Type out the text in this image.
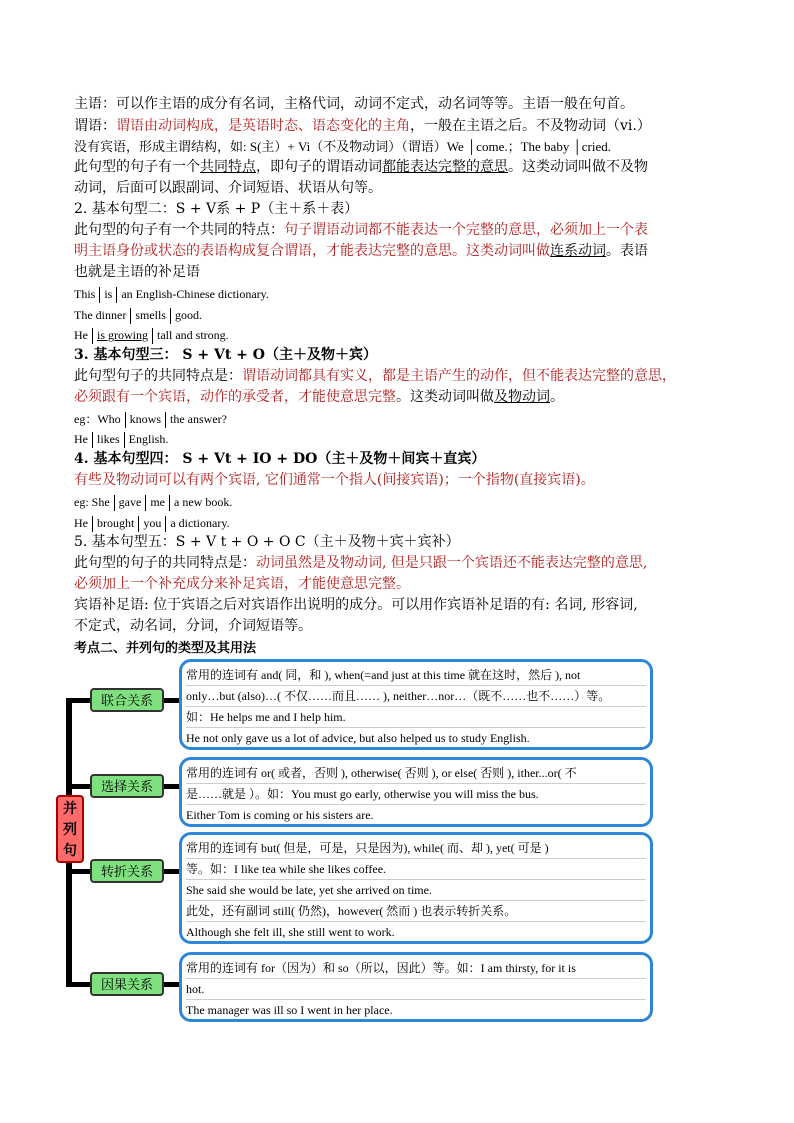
主语：可以作主语的成分有名词，主格代词，动词不定式，动名词等等。主语一般在句首。
谓语：谓语由动词构成，是英语时态、语态变化的主角，一般在主语之后。不及物动词（vi.）
没有宾语，形成主谓结构，如: S(主）+ Vi（不及物动词）（谓语）We │come.；The baby │cried.
此句型的句子有一个共同特点，即句子的谓语动词都能表达完整的意思。这类动词叫做不及物
动词，后面可以跟副词、介词短语、状语从句等。
2. 基本句型二：S + V系 + P（主＋系＋表）
此句型的句子有一个共同的特点：句子谓语动词都不能表达一个完整的意思，必须加上一个表
明主语身份或状态的表语构成复合谓语，才能表达完整的意思。这类动词叫做连系动词。表语
也就是主语的补足语
This is an English-Chinese dictionary.
The dinner smells good.
He is growing tall and strong.
3. 基本句型三： S + Vt + O（主＋及物＋宾）
此句型句子的共同特点是：谓语动词都具有实义，都是主语产生的动作，但不能表达完整的意思，
必须跟有一个宾语，动作的承受者，才能使意思完整。这类动词叫做及物动词。
eg：Who knows the answer?
He likes English.
4. 基本句型四： S + Vt + IO + DO（主＋及物＋间宾＋直宾）
有些及物动词可以有两个宾语, 它们通常一个指人(间接宾语)；一个指物(直接宾语)。
eg: She gave me a new book.
He brought you a dictionary.
5. 基本句型五：S + V t + O + O C（主＋及物＋宾＋宾补）
此句型的句子的共同特点是：动词虽然是及物动词, 但是只跟一个宾语还不能表达完整的意思,
必须加上一个补充成分来补足宾语，才能使意思完整。
宾语补足语: 位于宾语之后对宾语作出说明的成分。可以用作宾语补足语的有: 名词, 形容词,
不定式，动名词，分词，介词短语等。
考点二、并列句的类型及其用法
并列句
联合关系
选择关系
转折关系
因果关系
常用的连词有 and( 同，和 ), when(=and just at this time 就在这时，然后 ), not
only…but (also)…( 不仅……而且…… ), neither…nor…（既不……也不……）等。
如：He helps me and I help him.
He not only gave us a lot of advice, but also helped us to study English.
常用的连词有 or( 或者，否则 ), otherwise( 否则 ), or else( 否则 ), ither...or( 不
是……就是 ）。如：You must go early, otherwise you will miss the bus.
Either Tom is coming or his sisters are.
常用的连词有 but( 但是，可是，只是因为), while( 而、却 ), yet( 可是 )
等。如：I like tea while she likes coffee.
She said she would be late, yet she arrived on time.
此处，还有副词 still( 仍然)，however( 然而 ) 也表示转折关系。
Although she felt ill, she still went to work.
常用的连词有 for（因为）和 so（所以，因此）等。如：I am thirsty, for it is
hot.
The manager was ill so I went in her place.
